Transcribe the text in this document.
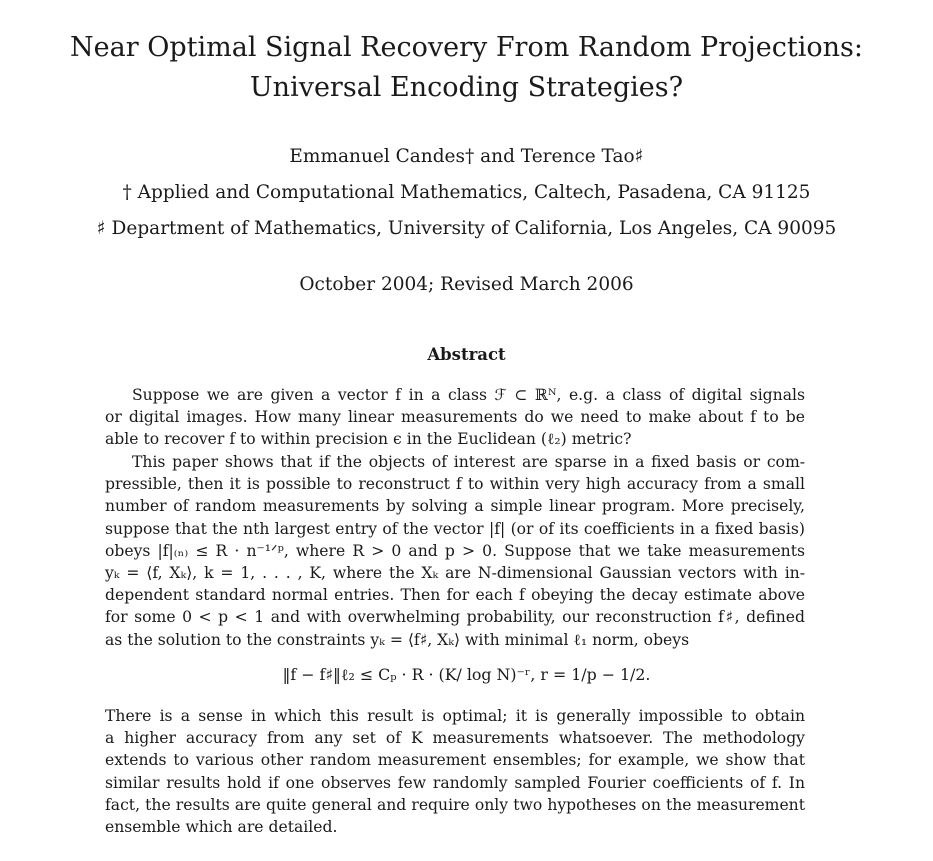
Near Optimal Signal Recovery From Random Projections:
Universal Encoding Strategies?
Emmanuel Candes† and Terence Tao♯
† Applied and Computational Mathematics, Caltech, Pasadena, CA 91125
♯ Department of Mathematics, University of California, Los Angeles, CA 90095
October 2004; Revised March 2006
Abstract
Suppose we are given a vector f in a class ℱ ⊂ ℝᴺ, e.g. a class of digital signals
or digital images. How many linear measurements do we need to make about f to be
able to recover f to within precision ϵ in the Euclidean (ℓ₂) metric?
This paper shows that if the objects of interest are sparse in a fixed basis or com-
pressible, then it is possible to reconstruct f to within very high accuracy from a small
number of random measurements by solving a simple linear program. More precisely,
suppose that the nth largest entry of the vector |f| (or of its coefficients in a fixed basis)
obeys |f|₍ₙ₎ ≤ R · n⁻¹ᐟᵖ, where R > 0 and p > 0. Suppose that we take measurements
yₖ = ⟨f, Xₖ⟩, k = 1, . . . , K, where the Xₖ are N-dimensional Gaussian vectors with in-
dependent standard normal entries. Then for each f obeying the decay estimate above
for some 0 < p < 1 and with overwhelming probability, our reconstruction f♯, defined
as the solution to the constraints yₖ = ⟨f♯, Xₖ⟩ with minimal ℓ₁ norm, obeys
‖f − f♯‖ℓ₂ ≤ Cₚ · R · (K/ log N)⁻ʳ, r = 1/p − 1/2.
There is a sense in which this result is optimal; it is generally impossible to obtain
a higher accuracy from any set of K measurements whatsoever. The methodology
extends to various other random measurement ensembles; for example, we show that
similar results hold if one observes few randomly sampled Fourier coefficients of f. In
fact, the results are quite general and require only two hypotheses on the measurement
ensemble which are detailed.
